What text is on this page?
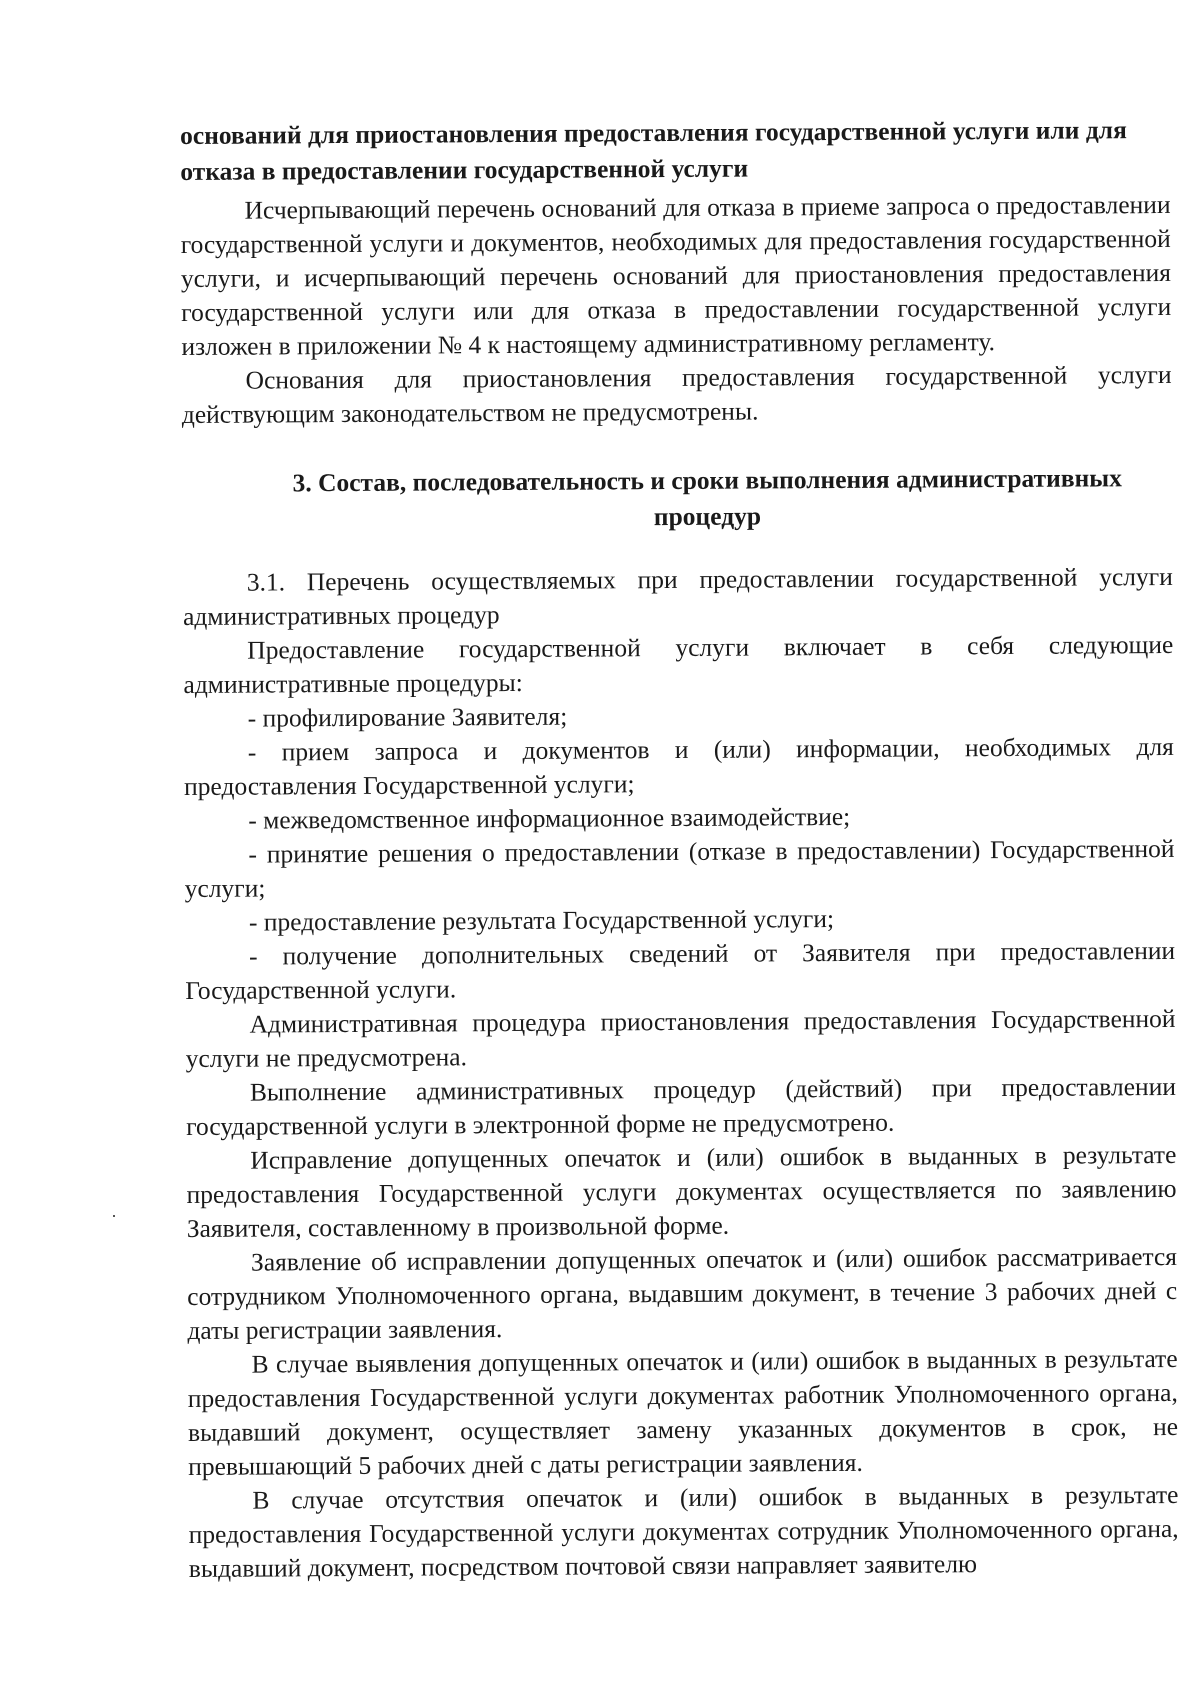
оснований для приостановления предоставления государственной услуги или для отказа в предоставлении государственной услуги

Исчерпывающий перечень оснований для отказа в приеме запроса о предоставлении государственной услуги и документов, необходимых для предоставления государственной услуги, и исчерпывающий перечень оснований для приостановления предоставления государственной услуги или для отказа в предоставлении государственной услуги изложен в приложении № 4 к настоящему административному регламенту.

Основания для приостановления предоставления государственной услуги действующим законодательством не предусмотрены.

3. Состав, последовательность и сроки выполнения административных процедур

3.1. Перечень осуществляемых при предоставлении государственной услуги административных процедур

Предоставление государственной услуги включает в себя следующие административные процедуры:

- профилирование Заявителя;

- прием запроса и документов и (или) информации, необходимых для предоставления Государственной услуги;

- межведомственное информационное взаимодействие;

- принятие решения о предоставлении (отказе в предоставлении) Государственной услуги;

- предоставление результата Государственной услуги;

- получение дополнительных сведений от Заявителя при предоставлении Государственной услуги.

Административная процедура приостановления предоставления Государственной услуги не предусмотрена.

Выполнение административных процедур (действий) при предоставлении государственной услуги в электронной форме не предусмотрено.

Исправление допущенных опечаток и (или) ошибок в выданных в результате предоставления Государственной услуги документах осуществляется по заявлению Заявителя, составленному в произвольной форме.

Заявление об исправлении допущенных опечаток и (или) ошибок рассматривается сотрудником Уполномоченного органа, выдавшим документ, в течение 3 рабочих дней с даты регистрации заявления.

В случае выявления допущенных опечаток и (или) ошибок в выданных в результате предоставления Государственной услуги документах работник Уполномоченного органа, выдавший документ, осуществляет замену указанных документов в срок, не превышающий 5 рабочих дней с даты регистрации заявления.

В случае отсутствия опечаток и (или) ошибок в выданных в результате предоставления Государственной услуги документах сотрудник Уполномоченного органа, выдавший документ, посредством почтовой связи направляет заявителю
